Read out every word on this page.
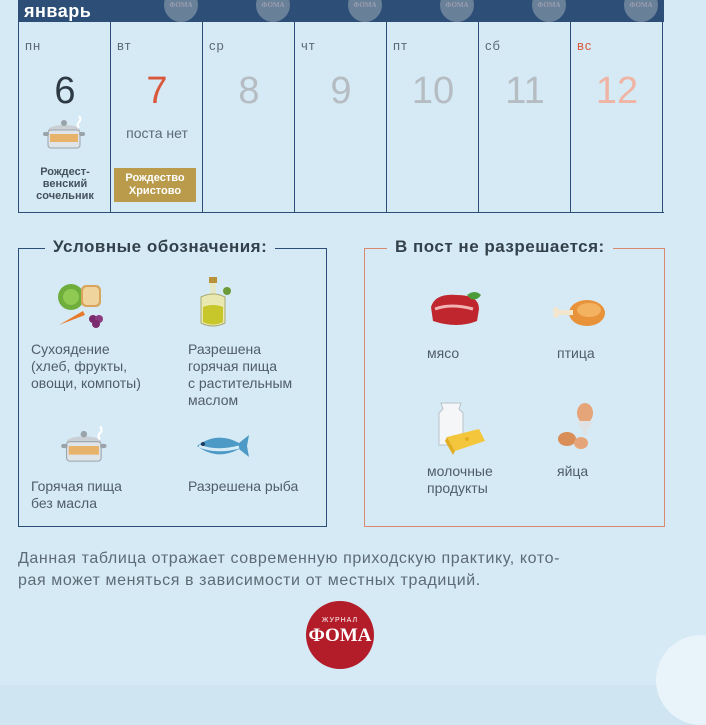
январь	ФОМА	ФОМА	ФОМА	ФОМА	ФОМА	ФОМА
пн
6
Рождест-
венский
сочельник
вт
7
поста нет
Рождество
Христово
ср
8
чт
9
пт
10
сб
11
вс
12
Условные обозначения:
Сухоядение
(хлеб, фрукты,
овощи, компоты)
Разрешена
горячая пища
с растительным
маслом
Горячая пища
без масла
Разрешена рыба
В пост не разрешается:
мясо	птица
молочные
продукты
яйца
Данная таблица отражает современную приходскую практику, кото-
рая может меняться в зависимости от местных традиций.
ЖУРНАЛ
ФОМА
